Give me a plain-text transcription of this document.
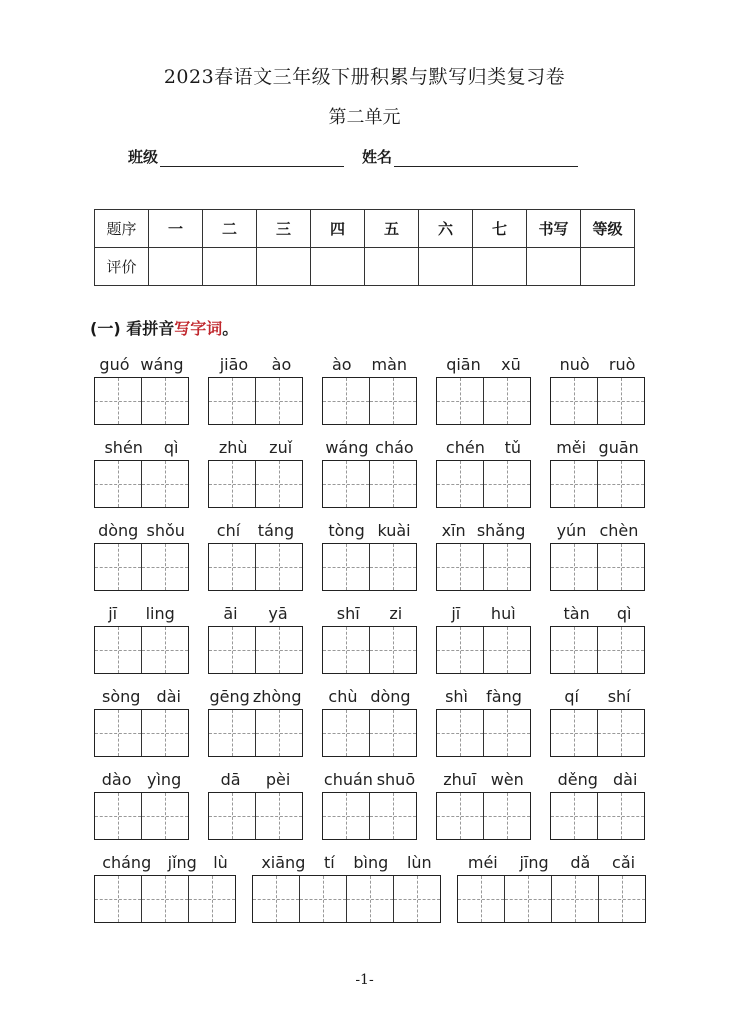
2023春语文三年级下册积累与默写归类复习卷
第二单元
班级	姓名
题序	一	二	三	四	五	六	七	书写	等级
评价									
(一) 看拼音写字词。
guó wáng jiāo ào	ào màn qiān xū nuò ruò
shén qì	zhù zuǐ wáng cháo chén tǔ měi guān
dòng shǒu chí táng tòng kuài xīn shǎng yún chèn
jī ling	āi yā	shī zi	jī huì	tàn qì
sòng dài gēng zhòng chù dòng shì fàng	qí shí
dào yìng dā pèi chuán shuō zhuī wèn děng dài
cháng jǐng lù xiāng tí bìng lùn méi jīng dǎ cǎi
-1-
